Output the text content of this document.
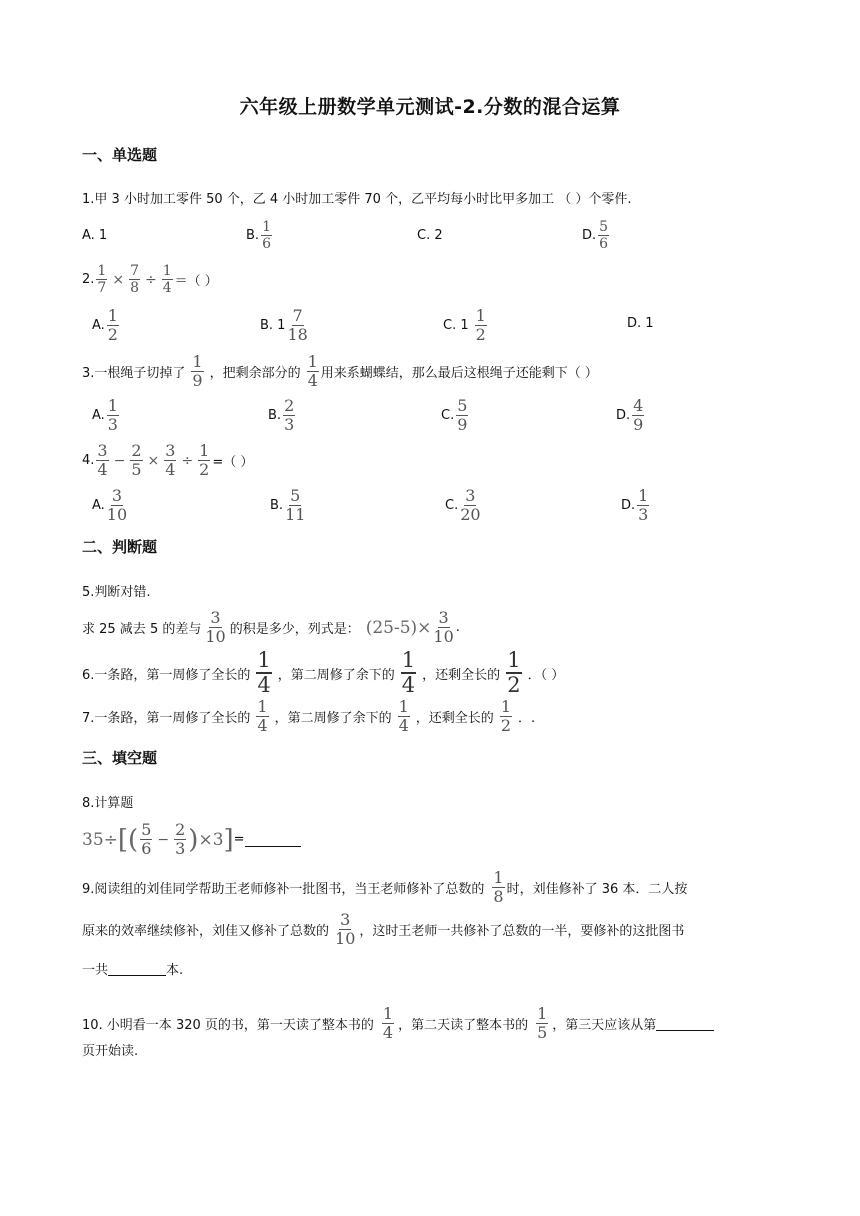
六年级上册数学单元测试-2.分数的混合运算
一、单选题
1.甲 3 小时加工零件 50 个，乙 4 小时加工零件 70 个，乙平均每小时比甲多加工 （ ）个零件.
A. 1	B. $\frac{1}{6}$	C. 2	D. $\frac{5}{6}$
2. $\frac{1}{7} \times \frac{7}{8} \div \frac{1}{4}$ ＝（ ）
A. $\frac{1}{2}$	B. $1 \frac{7}{18}$	C. $1 \frac{1}{2}$	D. 1
3.一根绳子切掉了 $\frac{1}{9}$ ，把剩余部分的 $\frac{1}{4}$ 用来系蝴蝶结，那么最后这根绳子还能剩下（ ）
A. $\frac{1}{3}$	B. $\frac{2}{3}$	C. $\frac{5}{9}$	D. $\frac{4}{9}$
4. $\frac{3}{4} - \frac{2}{5} \times \frac{3}{4} \div \frac{1}{2}$ =（ ）
A. $\frac{3}{10}$	B. $\frac{5}{11}$	C. $\frac{3}{20}$	D. $\frac{1}{3}$
二、判断题
5.判断对错.
求 25 减去 5 的差与 $\frac{3}{10}$ 的积是多少，列式是： $(25-5)\times \frac{3}{10}$ .
6.一条路，第一周修了全长的 $\frac{1}{4}$ ，第二周修了余下的 $\frac{1}{4}$ ，还剩全长的 $\frac{1}{2}$ ．（ ）
7.一条路，第一周修了全长的 $\frac{1}{4}$ ，第二周修了余下的 $\frac{1}{4}$ ，还剩全长的 $\frac{1}{2}$ ．.
三、填空题
8.计算题
35÷ [( $\frac{5}{6} - \frac{2}{3}$ ) ×3 ] =
9.阅读组的刘佳同学帮助王老师修补一批图书，当王老师修补了总数的 $\frac{1}{8}$ 时，刘佳修补了 36 本．二人按
原来的效率继续修补，刘佳又修补了总数的 $\frac{3}{10}$ ，这时王老师一共修补了总数的一半，要修补的这批图书
一共	本.
10. 小明看一本 320 页的书，第一天读了整本书的 $\frac{1}{4}$ ，第二天读了整本书的 $\frac{1}{5}$ ，第三天应该从第
页开始读.
